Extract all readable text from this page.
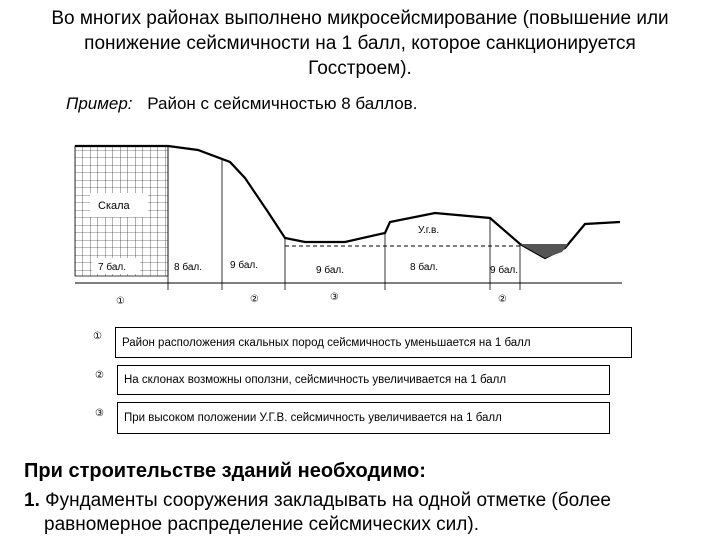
Во многих районах выполнено микросейсмирование (повышение или
понижение сейсмичности на 1 балл, которое санкционируется
Госстроем).
Пример: Район с сейсмичностью 8 баллов.
Скала
У.г.в.
7 бал.	8 бал.	9 бал.	9 бал.	8 бал.	9 бал.
①	②	③	②
① Район расположения скальных пород сейсмичность уменьшается на 1 балл
② На склонах возможны оползни, сейсмичность увеличивается на 1 балл
③ При высоком положении У.Г.В. сейсмичность увеличивается на 1 балл
При строительстве зданий необходимо:
1. Фундаменты сооружения закладывать на одной отметке (более
равномерное распределение сейсмических сил).
